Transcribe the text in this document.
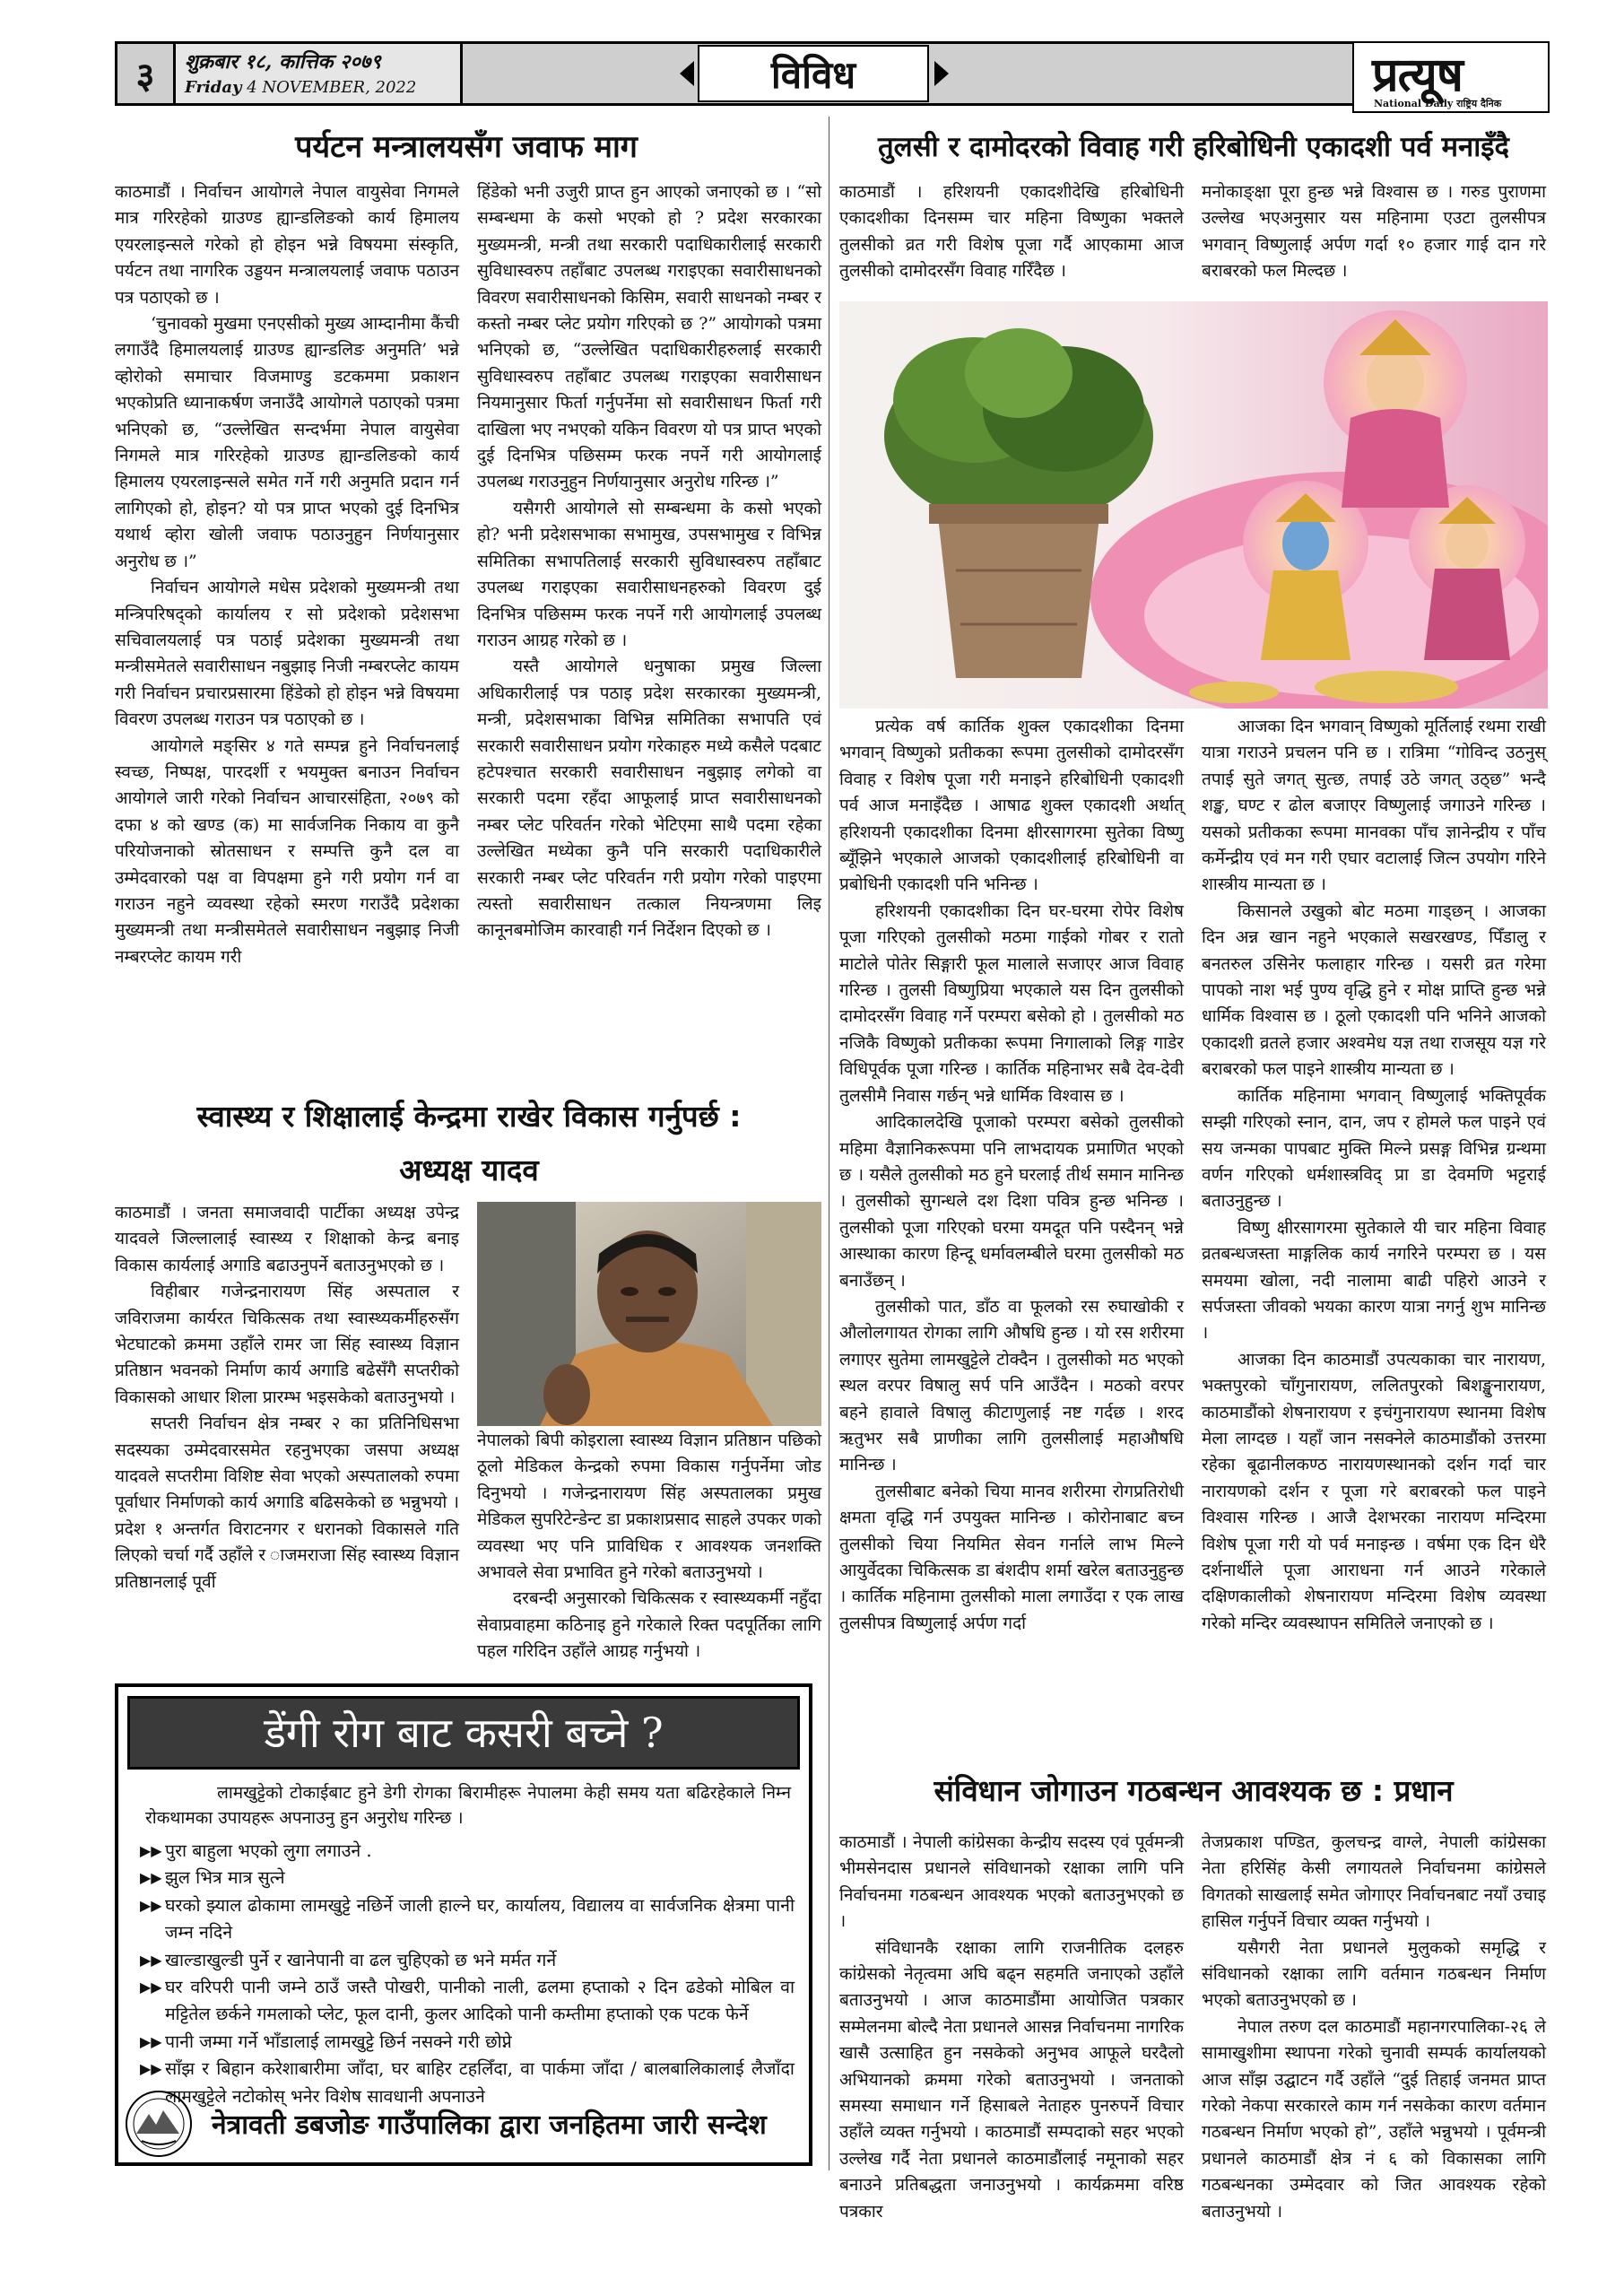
३	शुक्रबार १८, कात्तिक २०७९
Friday 4 NOVEMBER, 2022	विविध	प्रत्यूष
National Daily राष्ट्रिय दैनिक
पर्यटन मन्त्रालयसँग जवाफ माग

काठमाडौं । निर्वाचन आयोगले नेपाल वायुसेवा निगमले मात्र गरिरहेको ग्राउण्ड ह्यान्डलिङको कार्य हिमालय एयरलाइन्सले गरेको हो होइन भन्ने विषयमा संस्कृति, पर्यटन तथा नागरिक उड्डयन मन्त्रालयलाई जवाफ पठाउन पत्र पठाएको छ ।

‘चुनावको मुखमा एनएसीको मुख्य आम्दानीमा कैंची लगाउँदै हिमालयलाई ग्राउण्ड ह्यान्डलिङ अनुमति’ भन्ने व्होरोको समाचार विजमाण्डु डटकममा प्रकाशन भएकोप्रति ध्यानाकर्षण जनाउँदै आयोगले पठाएको पत्रमा भनिएको छ, “उल्लेखित सन्दर्भमा नेपाल वायुसेवा निगमले मात्र गरिरहेको ग्राउण्ड ह्यान्डलिङको कार्य हिमालय एयरलाइन्सले समेत गर्ने गरी अनुमति प्रदान गर्न लागिएको हो, होइन? यो पत्र प्राप्त भएको दुई दिनभित्र यथार्थ व्होरा खोली जवाफ पठाउनुहुन निर्णयानुसार अनुरोध छ ।”

निर्वाचन आयोगले मधेस प्रदेशको मुख्यमन्त्री तथा मन्त्रिपरिषद्को कार्यालय र सो प्रदेशको प्रदेशसभा सचिवालयलाई पत्र पठाई प्रदेशका मुख्यमन्त्री तथा मन्त्रीसमेतले सवारीसाधन नबुझाइ निजी नम्बरप्लेट कायम गरी निर्वाचन प्रचारप्रसारमा हिंडेको हो होइन भन्ने विषयमा विवरण उपलब्ध गराउन पत्र पठाएको छ ।

आयोगले मङ्सिर ४ गते सम्पन्न हुने निर्वाचनलाई स्वच्छ, निष्पक्ष, पारदर्शी र भयमुक्त बनाउन निर्वाचन आयोगले जारी गरेको निर्वाचन आचारसंहिता, २०७९ को दफा ४ को खण्ड (क) मा सार्वजनिक निकाय वा कुनै परियोजनाको स्रोतसाधन र सम्पत्ति कुनै दल वा उम्मेदवारको पक्ष वा विपक्षमा हुने गरी प्रयोग गर्न वा गराउन नहुने व्यवस्था रहेको स्मरण गराउँदै प्रदेशका मुख्यमन्त्री तथा मन्त्रीसमेतले सवारीसाधन नबुझाइ निजी नम्बरप्लेट कायम गरी

हिंडेको भनी उजुरी प्राप्त हुन आएको जनाएको छ । “सो सम्बन्धमा के कसो भएको हो ? प्रदेश सरकारका मुख्यमन्त्री, मन्त्री तथा सरकारी पदाधिकारीलाई सरकारी सुविधास्वरुप तहाँबाट उपलब्ध गराइएका सवारीसाधनको विवरण सवारीसाधनको किसिम, सवारी साधनको नम्बर र कस्तो नम्बर प्लेट प्रयोग गरिएको छ ?” आयोगको पत्रमा भनिएको छ, “उल्लेखित पदाधिकारीहरुलाई सरकारी सुविधास्वरुप तहाँबाट उपलब्ध गराइएका सवारीसाधन नियमानुसार फिर्ता गर्नुपर्नेमा सो सवारीसाधन फिर्ता गरी दाखिला भए नभएको यकिन विवरण यो पत्र प्राप्त भएको दुई दिनभित्र पछिसम्म फरक नपर्ने गरी आयोगलाई उपलब्ध गराउनुहुन निर्णयानुसार अनुरोध गरिन्छ ।”

यसैगरी आयोगले सो सम्बन्धमा के कसो भएको हो? भनी प्रदेशसभाका सभामुख, उपसभामुख र विभिन्न समितिका सभापतिलाई सरकारी सुविधास्वरुप तहाँबाट उपलब्ध गराइएका सवारीसाधनहरुको विवरण दुई दिनभित्र पछिसम्म फरक नपर्ने गरी आयोगलाई उपलब्ध गराउन आग्रह गरेको छ ।

यस्तै आयोगले धनुषाका प्रमुख जिल्ला अधिकारीलाई पत्र पठाइ प्रदेश सरकारका मुख्यमन्त्री, मन्त्री, प्रदेशसभाका विभिन्न समितिका सभापति एवं सरकारी सवारीसाधन प्रयोग गरेकाहरु मध्ये कसैले पदबाट हटेपश्चात सरकारी सवारीसाधन नबुझाइ लगेको वा सरकारी पदमा रहँदा आफूलाई प्राप्त सवारीसाधनको नम्बर प्लेट परिवर्तन गरेको भेटिएमा साथै पदमा रहेका उल्लेखित मध्येका कुनै पनि सरकारी पदाधिकारीले सरकारी नम्बर प्लेट परिवर्तन गरी प्रयोग गरेको पाइएमा त्यस्तो सवारीसाधन तत्काल नियन्त्रणमा लिइ कानूनबमोजिम कारवाही गर्न निर्देशन दिएको छ ।

स्वास्थ्य र शिक्षालाई केन्द्रमा राखेर विकास गर्नुपर्छ :
अध्यक्ष यादव

काठमाडौं । जनता समाजवादी पार्टीका अध्यक्ष उपेन्द्र यादवले जिल्लालाई स्वास्थ्य र शिक्षाको केन्द्र बनाइ विकास कार्यलाई अगाडि बढाउनुपर्ने बताउनुभएको छ ।

विहीबार गजेन्द्रनारायण सिंह अस्पताल र जविराजमा कार्यरत चिकित्सक तथा स्वास्थ्यकर्मीहरुसँग भेटघाटको क्रममा उहाँले रामर जा सिंह स्वास्थ्य विज्ञान प्रतिष्ठान भवनको निर्माण कार्य अगाडि बढेसँगै सप्तरीको विकासको आधार शिला प्रारम्भ भइसकेको बताउनुभयो ।

सप्तरी निर्वाचन क्षेत्र नम्बर २ का प्रतिनिधिसभा सदस्यका उम्मेदवारसमेत रहनुभएका जसपा अध्यक्ष यादवले सप्तरीमा विशिष्ट सेवा भएको अस्पतालको रुपमा पूर्वाधार निर्माणको कार्य अगाडि बढिसकेको छ भन्नुभयो । प्रदेश १ अन्तर्गत विराटनगर र धरानको विकासले गति लिएको चर्चा गर्दै उहाँले र ाजमराजा सिंह स्वास्थ्य विज्ञान प्रतिष्ठानलाई पूर्वी

नेपालको बिपी कोइराला स्वास्थ्य विज्ञान प्रतिष्ठान पछिको ठूलो मेडिकल केन्द्रको रुपमा विकास गर्नुपर्नेमा जोड दिनुभयो । गजेन्द्रनारायण सिंह अस्पतालका प्रमुख मेडिकल सुपरिटेन्डेन्ट डा प्रकाशप्रसाद साहले उपकर णको व्यवस्था भए पनि प्राविधिक र आवश्यक जनशक्ति अभावले सेवा प्रभावित हुने गरेको बताउनुभयो ।

दरबन्दी अनुसारको चिकित्सक र स्वास्थ्यकर्मी नहुँदा सेवाप्रवाहमा कठिनाइ हुने गरेकाले रिक्त पदपूर्तिका लागि पहल गरिदिन उहाँले आग्रह गर्नुभयो ।

डेंगी रोग बाट कसरी बच्ने ?
लामखुट्टेको टोकाईबाट हुने डेगी रोगका बिरामीहरू नेपालमा केही समय यता बढिरहेकाले निम्न रोकथामका उपायहरू अपनाउनु हुन अनुरोध गरिन्छ ।
▶▶ पुरा बाहुला भएको लुगा लगाउने .
▶▶ झुल भित्र मात्र सुत्ने
▶▶ घरको झ्याल ढोकामा लामखुट्टे नछिर्ने जाली हाल्ने घर, कार्यालय, विद्यालय वा सार्वजनिक क्षेत्रमा पानी जम्न नदिने
▶▶ खाल्डाखुल्डी पुर्ने र खानेपानी वा ढल चुहिएको छ भने मर्मत गर्ने
▶▶ घर वरिपरी पानी जम्ने ठाउँ जस्तै पोखरी, पानीको नाली, ढलमा हप्ताको २ दिन ढडेको मोबिल वा मट्टितेल छर्कने गमलाको प्लेट, फूल दानी, कुलर आदिको पानी कम्तीमा हप्ताको एक पटक फेर्ने
▶▶ पानी जम्मा गर्ने भाँडालाई लामखुट्टे छिर्न नसक्ने गरी छोप्ने
▶▶ साँझ र बिहान करेशाबारीमा जाँदा, घर बाहिर टहलिँदा, वा पार्कमा जाँदा / बालबालिकालाई लैजाँदा लामखुट्टेले नटोकोस् भनेर विशेष सावधानी अपनाउने
नेत्रावती डबजोङ गाउँपालिका द्वारा जनहितमा जारी सन्देश
तुलसी र दामोदरको विवाह गरी हरिबोधिनी एकादशी पर्व मनाइँदै

काठमाडौं । हरिशयनी एकादशीदेखि हरिबोधिनी एकादशीका दिनसम्म चार महिना विष्णुका भक्तले तुलसीको व्रत गरी विशेष पूजा गर्दै आएकामा आज तुलसीको दामोदरसँग विवाह गरिँदैछ ।

मनोकाङ्क्षा पूरा हुन्छ भन्ने विश्वास छ । गरुड पुराणमा उल्लेख भएअनुसार यस महिनामा एउटा तुलसीपत्र भगवान् विष्णुलाई अर्पण गर्दा १० हजार गाई दान गरे बराबरको फल मिल्दछ ।

प्रत्येक वर्ष कार्तिक शुक्ल एकादशीका दिनमा भगवान् विष्णुको प्रतीकका रूपमा तुलसीको दामोदरसँग विवाह र विशेष पूजा गरी मनाइने हरिबोधिनी एकादशी पर्व आज मनाइँदैछ । आषाढ शुक्ल एकादशी अर्थात् हरिशयनी एकादशीका दिनमा क्षीरसागरमा सुतेका विष्णु ब्यूँझिने भएकाले आजको एकादशीलाई हरिबोधिनी वा प्रबोधिनी एकादशी पनि भनिन्छ ।

हरिशयनी एकादशीका दिन घर-घरमा रोपेर विशेष पूजा गरिएको तुलसीको मठमा गाईको गोबर र रातो माटोले पोतेर सिङ्गारी फूल मालाले सजाएर आज विवाह गरिन्छ । तुलसी विष्णुप्रिया भएकाले यस दिन तुलसीको दामोदरसँग विवाह गर्ने परम्परा बसेको हो । तुलसीको मठ नजिकै विष्णुको प्रतीकका रूपमा निगालाको लिङ्ग गाडेर विधिपूर्वक पूजा गरिन्छ । कार्तिक महिनाभर सबै देव-देवी तुलसीमै निवास गर्छन् भन्ने धार्मिक विश्वास छ ।

आदिकालदेखि पूजाको परम्परा बसेको तुलसीको महिमा वैज्ञानिकरूपमा पनि लाभदायक प्रमाणित भएको छ । यसैले तुलसीको मठ हुने घरलाई तीर्थ समान मानिन्छ । तुलसीको सुगन्धले दश दिशा पवित्र हुन्छ भनिन्छ । तुलसीको पूजा गरिएको घरमा यमदूत पनि पस्दैनन् भन्ने आस्थाका कारण हिन्दू धर्मावलम्बीले घरमा तुलसीको मठ बनाउँछन् ।

तुलसीको पात, डाँठ वा फूलको रस रुघाखोकी र औलोलगायत रोगका लागि औषधि हुन्छ । यो रस शरीरमा लगाएर सुतेमा लामखुट्टेले टोक्दैन । तुलसीको मठ भएको स्थल वरपर विषालु सर्प पनि आउँदैन । मठको वरपर बहने हावाले विषालु कीटाणुलाई नष्ट गर्दछ । शरद ऋतुभर सबै प्राणीका लागि तुलसीलाई महाऔषधि मानिन्छ ।

तुलसीबाट बनेको चिया मानव शरीरमा रोगप्रतिरोधी क्षमता वृद्धि गर्न उपयुक्त मानिन्छ । कोरोनाबाट बच्न तुलसीको चिया नियमित सेवन गर्नाले लाभ मिल्ने आयुर्वेदका चिकित्सक डा बंशदीप शर्मा खरेल बताउनुहुन्छ । कार्तिक महिनामा तुलसीको माला लगाउँदा र एक लाख तुलसीपत्र विष्णुलाई अर्पण गर्दा

आजका दिन भगवान् विष्णुको मूर्तिलाई रथमा राखी यात्रा गराउने प्रचलन पनि छ । रात्रिमा “गोविन्द उठनुस् तपाई सुते जगत् सुत्छ, तपाई उठे जगत् उठ्छ” भन्दै शङ्ख, घण्ट र ढोल बजाएर विष्णुलाई जगाउने गरिन्छ । यसको प्रतीकका रूपमा मानवका पाँच ज्ञानेन्द्रीय र पाँच कर्मेन्द्रीय एवं मन गरी एघार वटालाई जित्न उपयोग गरिने शास्त्रीय मान्यता छ ।

किसानले उखुको बोट मठमा गाड्छन् । आजका दिन अन्न खान नहुने भएकाले सखरखण्ड, पिँडालु र बनतरुल उसिनेर फलाहार गरिन्छ । यसरी व्रत गरेमा पापको नाश भई पुण्य वृद्धि हुने र मोक्ष प्राप्ति हुन्छ भन्ने धार्मिक विश्वास छ । ठूलो एकादशी पनि भनिने आजको एकादशी व्रतले हजार अश्वमेध यज्ञ तथा राजसूय यज्ञ गरे बराबरको फल पाइने शास्त्रीय मान्यता छ ।

कार्तिक महिनामा भगवान् विष्णुलाई भक्तिपूर्वक सम्झी गरिएको स्नान, दान, जप र होमले फल पाइने एवं सय जन्मका पापबाट मुक्ति मिल्ने प्रसङ्ग विभिन्न ग्रन्थमा वर्णन गरिएको धर्मशास्त्रविद् प्रा डा देवमणि भट्टराई बताउनुहुन्छ ।

विष्णु क्षीरसागरमा सुतेकाले यी चार महिना विवाह व्रतबन्धजस्ता माङ्गलिक कार्य नगरिने परम्परा छ । यस समयमा खोला, नदी नालामा बाढी पहिरो आउने र सर्पजस्ता जीवको भयका कारण यात्रा नगर्नु शुभ मानिन्छ ।

आजका दिन काठमाडौं उपत्यकाका चार नारायण, भक्तपुरको चाँगुनारायण, ललितपुरको बिशङ्खुनारायण, काठमाडौंको शेषनारायण र इचंगुनारायण स्थानमा विशेष मेला लाग्दछ । यहाँ जान नसक्नेले काठमाडौंको उत्तरमा रहेका बूढानीलकण्ठ नारायणस्थानको दर्शन गर्दा चार नारायणको दर्शन र पूजा गरे बराबरको फल पाइने विश्वास गरिन्छ । आजै देशभरका नारायण मन्दिरमा विशेष पूजा गरी यो पर्व मनाइन्छ । वर्षमा एक दिन धेरै दर्शनार्थीले पूजा आराधना गर्न आउने गरेकाले दक्षिणकालीको शेषनारायण मन्दिरमा विशेष व्यवस्था गरेको मन्दिर व्यवस्थापन समितिले जनाएको छ ।

संविधान जोगाउन गठबन्धन आवश्यक छ : प्रधान

काठमाडौं । नेपाली कांग्रेसका केन्द्रीय सदस्य एवं पूर्वमन्त्री भीमसेनदास प्रधानले संविधानको रक्षाका लागि पनि निर्वाचनमा गठबन्धन आवश्यक भएको बताउनुभएको छ ।

संविधानकै रक्षाका लागि राजनीतिक दलहरु कांग्रेसको नेतृत्वमा अघि बढ्न सहमति जनाएको उहाँले बताउनुभयो । आज काठमाडौंमा आयोजित पत्रकार सम्मेलनमा बोल्दै नेता प्रधानले आसन्न निर्वाचनमा नागरिक खासै उत्साहित हुन नसकेको अनुभव आफूले घरदैलो अभियानको क्रममा गरेको बताउनुभयो । जनताको समस्या समाधान गर्ने हिसाबले नेताहरु पुनरुपर्ने विचार उहाँले व्यक्त गर्नुभयो । काठमाडौं सम्पदाको सहर भएको उल्लेख गर्दै नेता प्रधानले काठमाडौंलाई नमूनाको सहर बनाउने प्रतिबद्धता जनाउनुभयो । कार्यक्रममा वरिष्ठ पत्रकार

तेजप्रकाश पण्डित, कुलचन्द्र वाग्ले, नेपाली कांग्रेसका नेता हरिसिंह केसी लगायतले निर्वाचनमा कांग्रेसले विगतको साखलाई समेत जोगाएर निर्वाचनबाट नयाँ उचाइ हासिल गर्नुपर्ने विचार व्यक्त गर्नुभयो ।

यसैगरी नेता प्रधानले मुलुकको समृद्धि र संविधानको रक्षाका लागि वर्तमान गठबन्धन निर्माण भएको बताउनुभएको छ ।

नेपाल तरुण दल काठमाडौं महानगरपालिका-२६ ले सामाखुशीमा स्थापना गरेको चुनावी सम्पर्क कार्यालयको आज साँझ उद्घाटन गर्दै उहाँले “दुई तिहाई जनमत प्राप्त गरेको नेकपा सरकारले काम गर्न नसकेका कारण वर्तमान गठबन्धन निर्माण भएको हो”, उहाँले भन्नुभयो । पूर्वमन्त्री प्रधानले काठमाडौं क्षेत्र नं ६ को विकासका लागि गठबन्धनका उम्मेदवार को जित आवश्यक रहेको बताउनुभयो ।
